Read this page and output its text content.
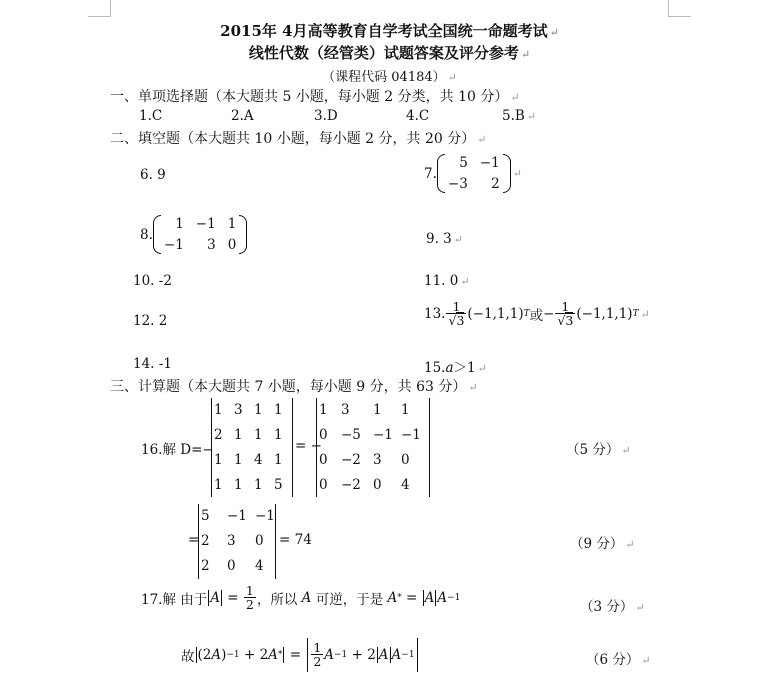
2015年 4月高等教育自学考试全国统一命题考试 ↵
线性代数（经管类）试题答案及评分参考 ↵
（课程代码 04184） ↵
一、单项选择题（本大题共 5 小题，每小题 2 分类，共 10 分） ↵
1.C	2.A	3.D	4.C	5.B ↵
二、填空题（本大题共 10 小题，每小题 2 分，共 20 分） ↵
6. 9	7.
5 −1
−3	2
↵
8.
1 −1 1
−1	3 0	9. 3 ↵
10. -2	11. 0 ↵
12. 2	13. $\frac{1}{√3} (-1,1,1)$ T 或 − $\frac{1}{√3} (-1,1,1)$ T ↵
14. -1	15.a＞1 ↵
三、计算题（本大题共 7 小题，每小题 9 分，共 63 分） ↵
16.解 D=−
1 3 1 1
2 1 1 1
1 1 4 1
1 1 1 5
= −
1 3	1	1
0 −5 −1 −1
0 −2 3	0
0 −2 0	4
（5 分） ↵
=
5	−1 −1
2	3	0
2	0	4
= 74	（9 分） ↵
17.解 由于 $A = \frac{1}{2}$ ，所以 A 可逆，于是 A * = A A −1
（3 分） ↵
故 (2 A ) −1 + 2 A * = $\frac{1}{2}$ A −1 + 2 A A −1	（6 分） ↵
